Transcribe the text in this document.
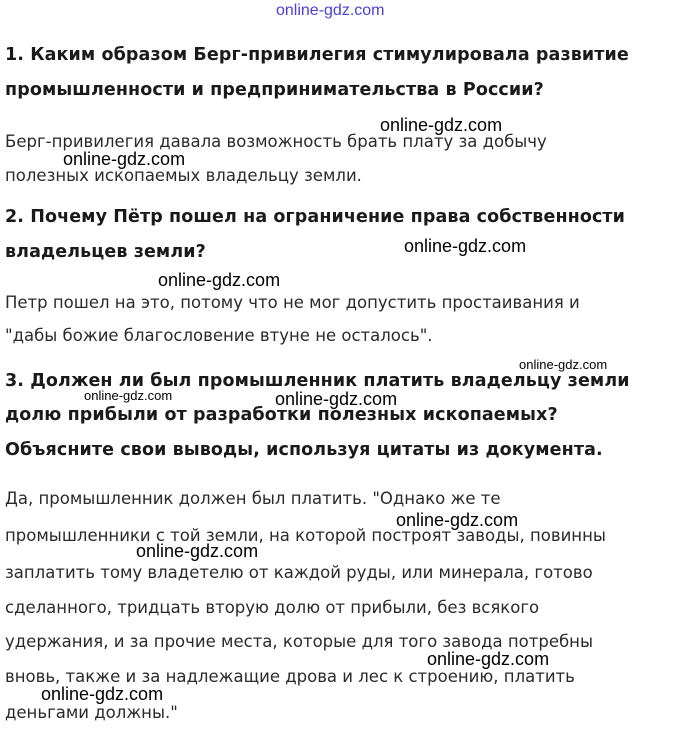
online-gdz.com
1. Каким образом Берг-привилегия стимулировала развитие
промышленности и предпринимательства в России?
Берг-привилегия давала возможность брать плату за добычу
полезных ископаемых владельцу земли.
2. Почему Пётр пошел на ограничение права собственности
владельцев земли?
Петр пошел на это, потому что не мог допустить простаивания и
"дабы божие благословение втуне не осталось".
3. Должен ли был промышленник платить владельцу земли
долю прибыли от разработки полезных ископаемых?
Объясните свои выводы, используя цитаты из документа.
Да, промышленник должен был платить. "Однако же те
промышленники с той земли, на которой построят заводы, повинны
заплатить тому владетелю от каждой руды, или минерала, готово
сделанного, тридцать вторую долю от прибыли, без всякого
удержания, и за прочие места, которые для того завода потребны
вновь, также и за надлежащие дрова и лес к строению, платить
деньгами должны."
online-gdz.com
online-gdz.com
online-gdz.com
online-gdz.com
online-gdz.com
online-gdz.com	online-gdz.com
online-gdz.com
online-gdz.com
online-gdz.com
online-gdz.com
